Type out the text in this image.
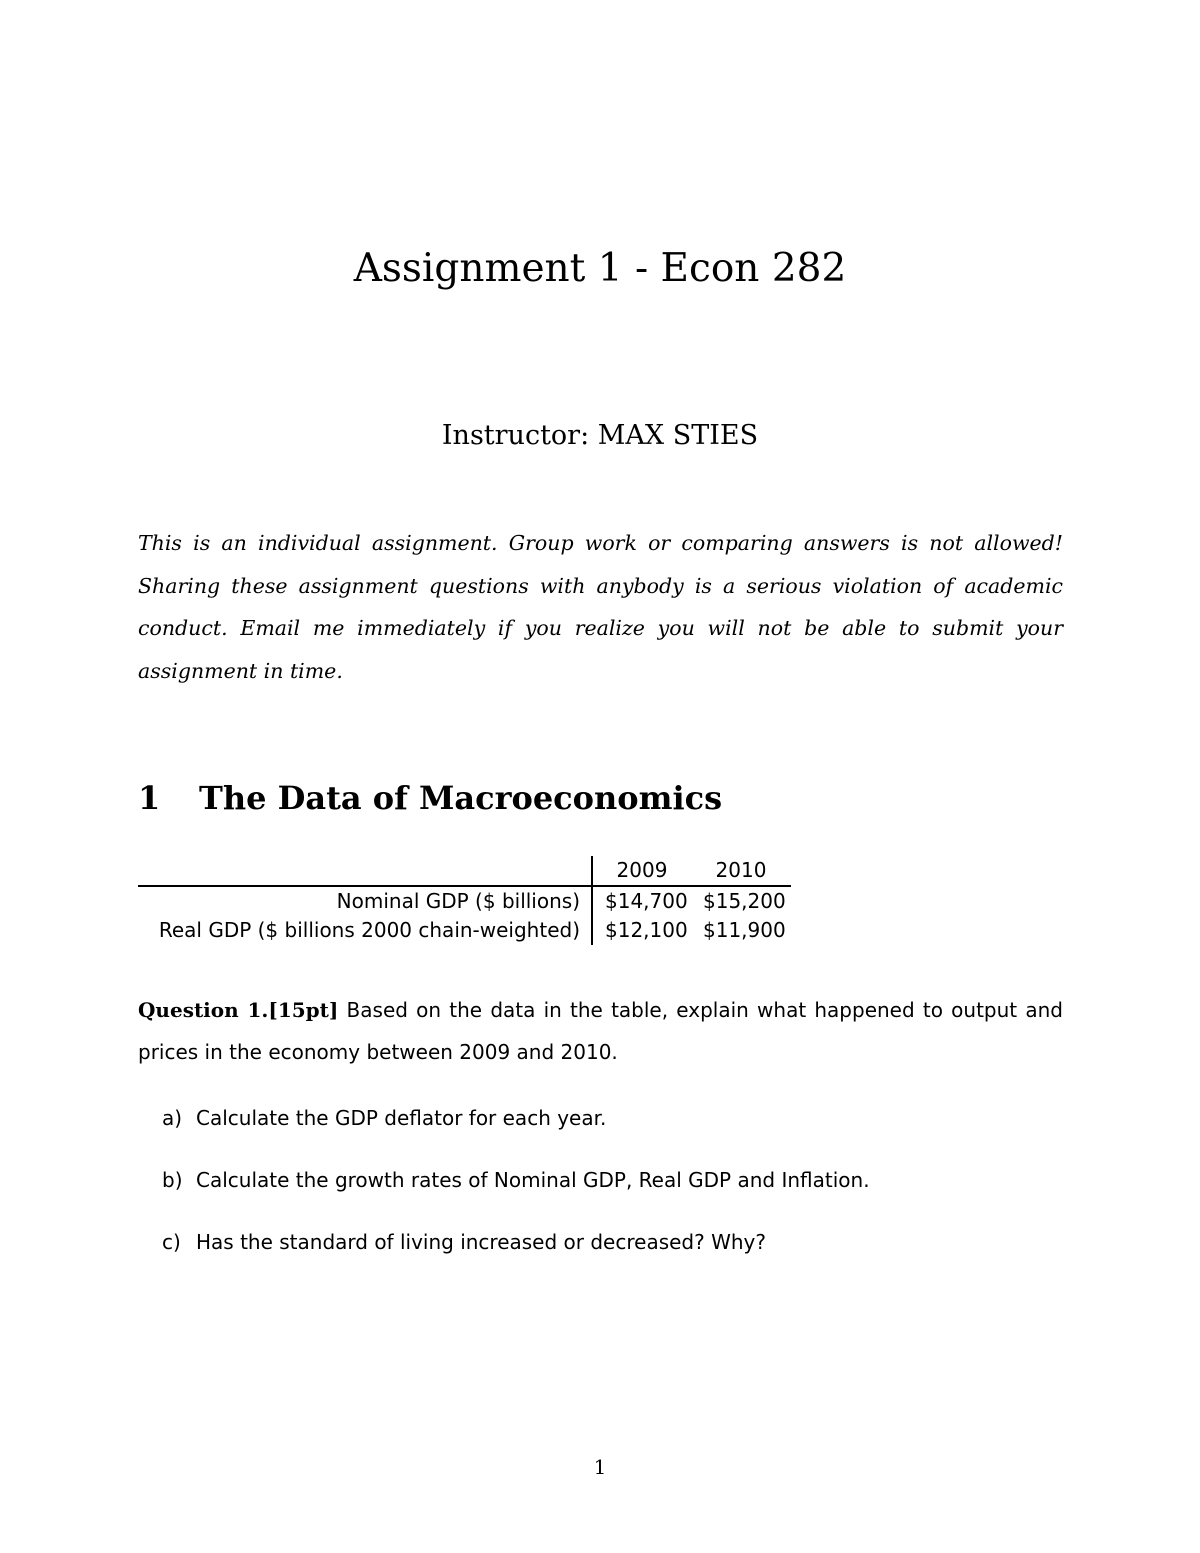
Assignment 1 - Econ 282
Instructor: MAX STIES

This is an individual assignment. Group work or comparing answers is not allowed! Sharing these assignment questions with anybody is a serious violation of academic conduct. Email me immediately if you realize you will not be able to submit your assignment in time.

1 The Data of Macroeconomics
	2009	2010
Nominal GDP ($ billions)	$14,700	$15,200
Real GDP ($ billions 2000 chain-weighted)	$12,100	$11,900

Question 1.[15pt] Based on the data in the table, explain what happened to output and prices in the economy between 2009 and 2010.

a) Calculate the GDP deflator for each year.
b) Calculate the growth rates of Nominal GDP, Real GDP and Inflation.
c) Has the standard of living increased or decreased? Why?
1
